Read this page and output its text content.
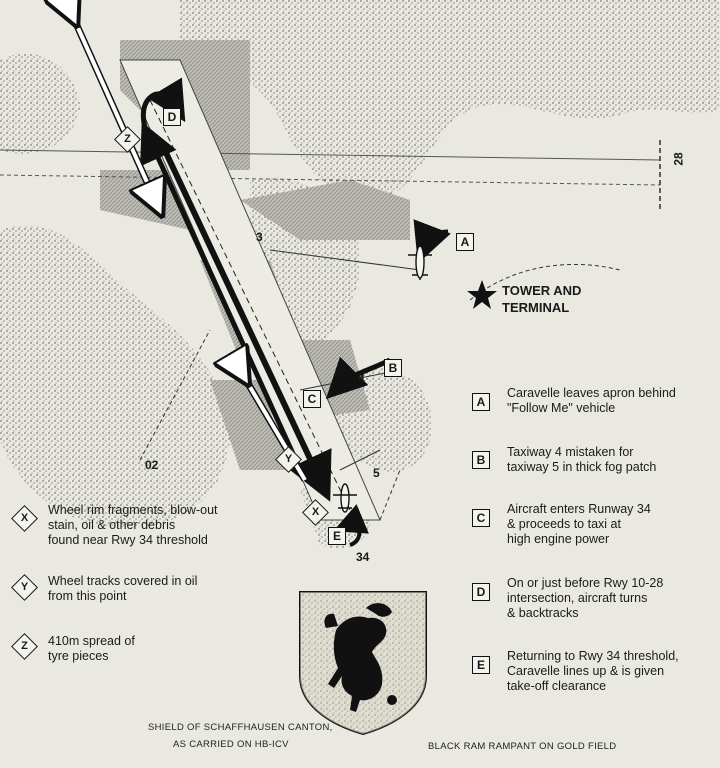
28
02
34
3
4
5
TOWER AND
TERMINAL
A
B
C
D
E
Z
Y
X
A
Caravelle leaves apron behind
"Follow Me" vehicle
B
Taxiway 4 mistaken for
taxiway 5 in thick fog patch
C
Aircraft enters Runway 34
& proceeds to taxi at
high engine power
D
On or just before Rwy 10-28
intersection, aircraft turns
& backtracks
E
Returning to Rwy 34 threshold,
Caravelle lines up & is given
take-off clearance
X
Wheel rim fragments, blow-out
stain, oil & other debris
found near Rwy 34 threshold
Y	Wheel tracks covered in oil
from this point
Z	410m spread of
tyre pieces
SHIELD OF SCHAFFHAUSEN CANTON,
AS CARRIED ON HB-ICV	BLACK RAM RAMPANT ON GOLD FIELD
